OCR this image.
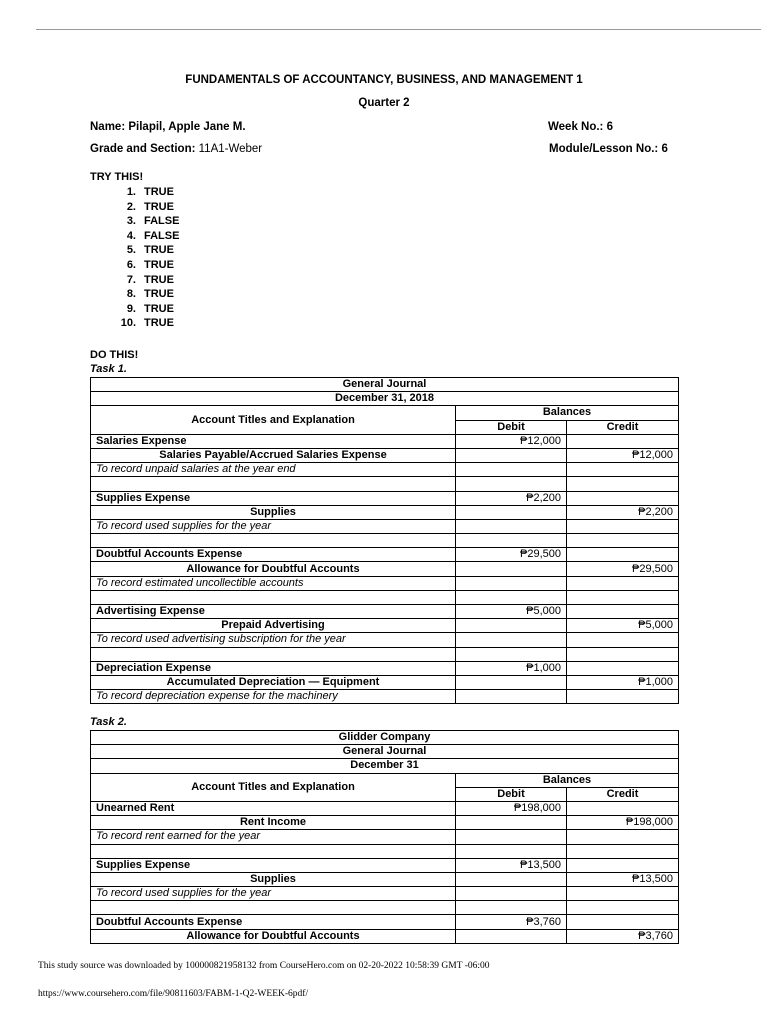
FUNDAMENTALS OF ACCOUNTANCY, BUSINESS, AND MANAGEMENT 1
Quarter 2
Name: Pilapil, Apple Jane M.	Week No.: 6
Grade and Section: 11A1-Weber	Module/Lesson No.: 6
TRY THIS!
1. TRUE
2. TRUE
3. FALSE
4. FALSE
5. TRUE
6. TRUE
7. TRUE
8. TRUE
9. TRUE
10. TRUE
DO THIS!
Task 1.
General Journal		
December 31, 2018		
Account Titles and Explanation	Balances	
	Debit	Credit
Salaries Expense	₱12,000	
Salaries Payable/Accrued Salaries Expense		₱12,000
To record unpaid salaries at the year end		

Supplies Expense	₱2,200	
Supplies		₱2,200
To record used supplies for the year		

Doubtful Accounts Expense	₱29,500	
Allowance for Doubtful Accounts		₱29,500
To record estimated uncollectible accounts		

Advertising Expense	₱5,000	
Prepaid Advertising		₱5,000
To record used advertising subscription for the year		

Depreciation Expense	₱1,000	
Accumulated Depreciation — Equipment		₱1,000
To record depreciation expense for the machinery		
Task 2.
Glidder Company		
General Journal		
December 31		
Account Titles and Explanation	Balances	
	Debit	Credit
Unearned Rent	₱198,000	
Rent Income		₱198,000
To record rent earned for the year		

Supplies Expense	₱13,500	
Supplies		₱13,500
To record used supplies for the year		

Doubtful Accounts Expense	₱3,760	
Allowance for Doubtful Accounts		₱3,760
This study source was downloaded by 100000821958132 from CourseHero.com on 02-20-2022 10:58:39 GMT -06:00
https://www.coursehero.com/file/90811603/FABM-1-Q2-WEEK-6pdf/
